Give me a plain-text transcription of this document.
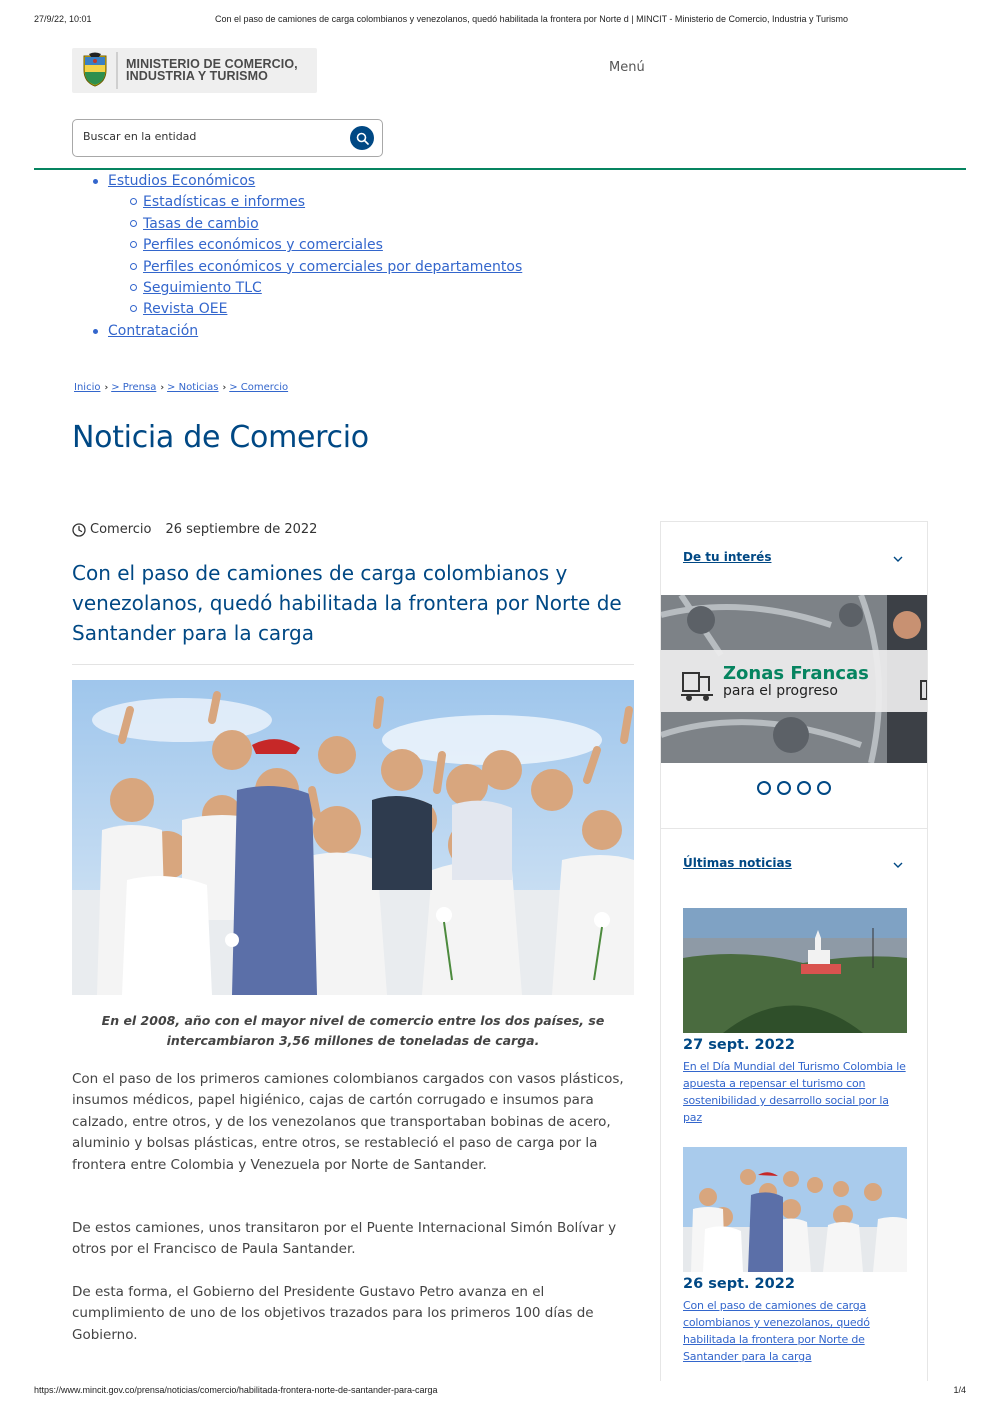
27/9/22, 10:01	Con el paso de camiones de carga colombianos y venezolanos, quedó habilitada la frontera por Norte d | MINCIT - Ministerio de Comercio, Industria y Turismo
MINISTERIO DE COMERCIO,
INDUSTRIA Y TURISMO
Menú
Buscar en la entidad
Estudios Económicos
Estadísticas e informes
Tasas de cambio
Perfiles económicos y comerciales
Perfiles económicos y comerciales por departamentos
Seguimiento TLC
Revista OEE
Contratación
Inicio › > Prensa › > Noticias › > Comercio
Noticia de Comercio
Comercio 26 septiembre de 2022
Con el paso de camiones de carga colombianos y venezolanos, quedó habilitada la frontera por Norte de Santander para la carga

En el 2008, año con el mayor nivel de comercio entre los dos países, se intercambiaron 3,56 millones de toneladas de carga.

Con el paso de los primeros camiones colombianos cargados con vasos plásticos, insumos médicos, papel higiénico, cajas de cartón corrugado e insumos para calzado, entre otros, y de los venezolanos que transportaban bobinas de acero, aluminio y bolsas plásticas, entre otros, se restableció el paso de carga por la frontera entre Colombia y Venezuela por Norte de Santander.

De estos camiones, unos transitaron por el Puente Internacional Simón Bolívar y otros por el Francisco de Paula Santander.

De esta forma, el Gobierno del Presidente Gustavo Petro avanza en el cumplimiento de uno de los objetivos trazados para los primeros 100 días de Gobierno.

De tu interés
Zonas Francas
para el progreso
Últimas noticias
27 sept. 2022
En el Día Mundial del Turismo Colombia le apuesta a repensar el turismo con sostenibilidad y desarrollo social por la paz
26 sept. 2022
Con el paso de camiones de carga colombianos y venezolanos, quedó habilitada la frontera por Norte de Santander para la carga
https://www.mincit.gov.co/prensa/noticias/comercio/habilitada-frontera-norte-de-santander-para-carga	1/4
